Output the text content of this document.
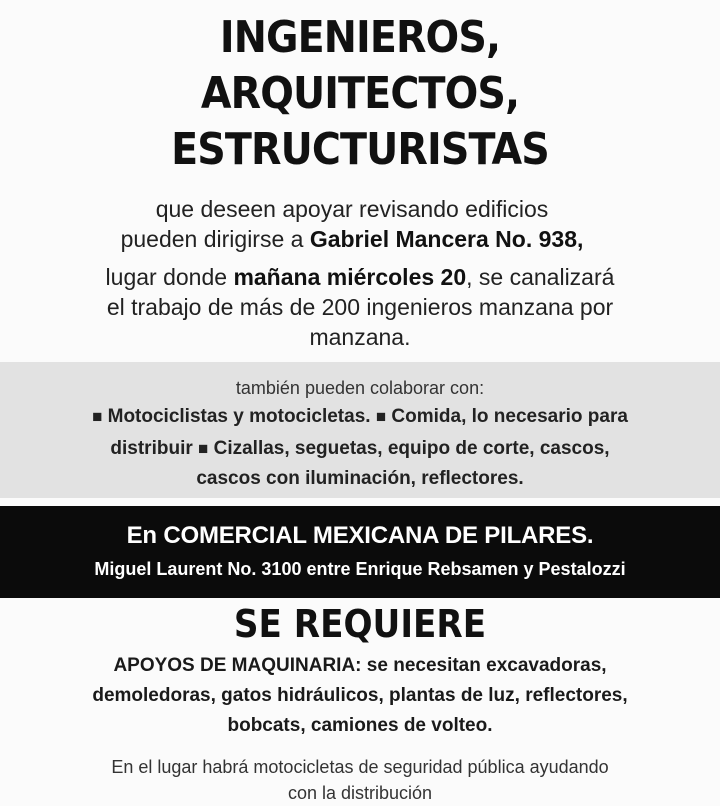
INGENIEROS,
ARQUITECTOS,
ESTRUCTURISTAS
que deseen apoyar revisando edificios
pueden dirigirse a Gabriel Mancera No. 938,
lugar donde mañana miércoles 20, se canalizará
el trabajo de más de 200 ingenieros manzana por
manzana.
también pueden colaborar con:
■ Motociclistas y motocicletas. ■ Comida, lo necesario para
distribuir ■ Cizallas, seguetas, equipo de corte, cascos,
cascos con iluminación, reflectores.
En COMERCIAL MEXICANA DE PILARES.
Miguel Laurent No. 3100 entre Enrique Rebsamen y Pestalozzi
SE REQUIERE
APOYOS DE MAQUINARIA: se necesitan excavadoras,
demoledoras, gatos hidráulicos, plantas de luz, reflectores,
bobcats, camiones de volteo.
En el lugar habrá motocicletas de seguridad pública ayudando
con la distribución
